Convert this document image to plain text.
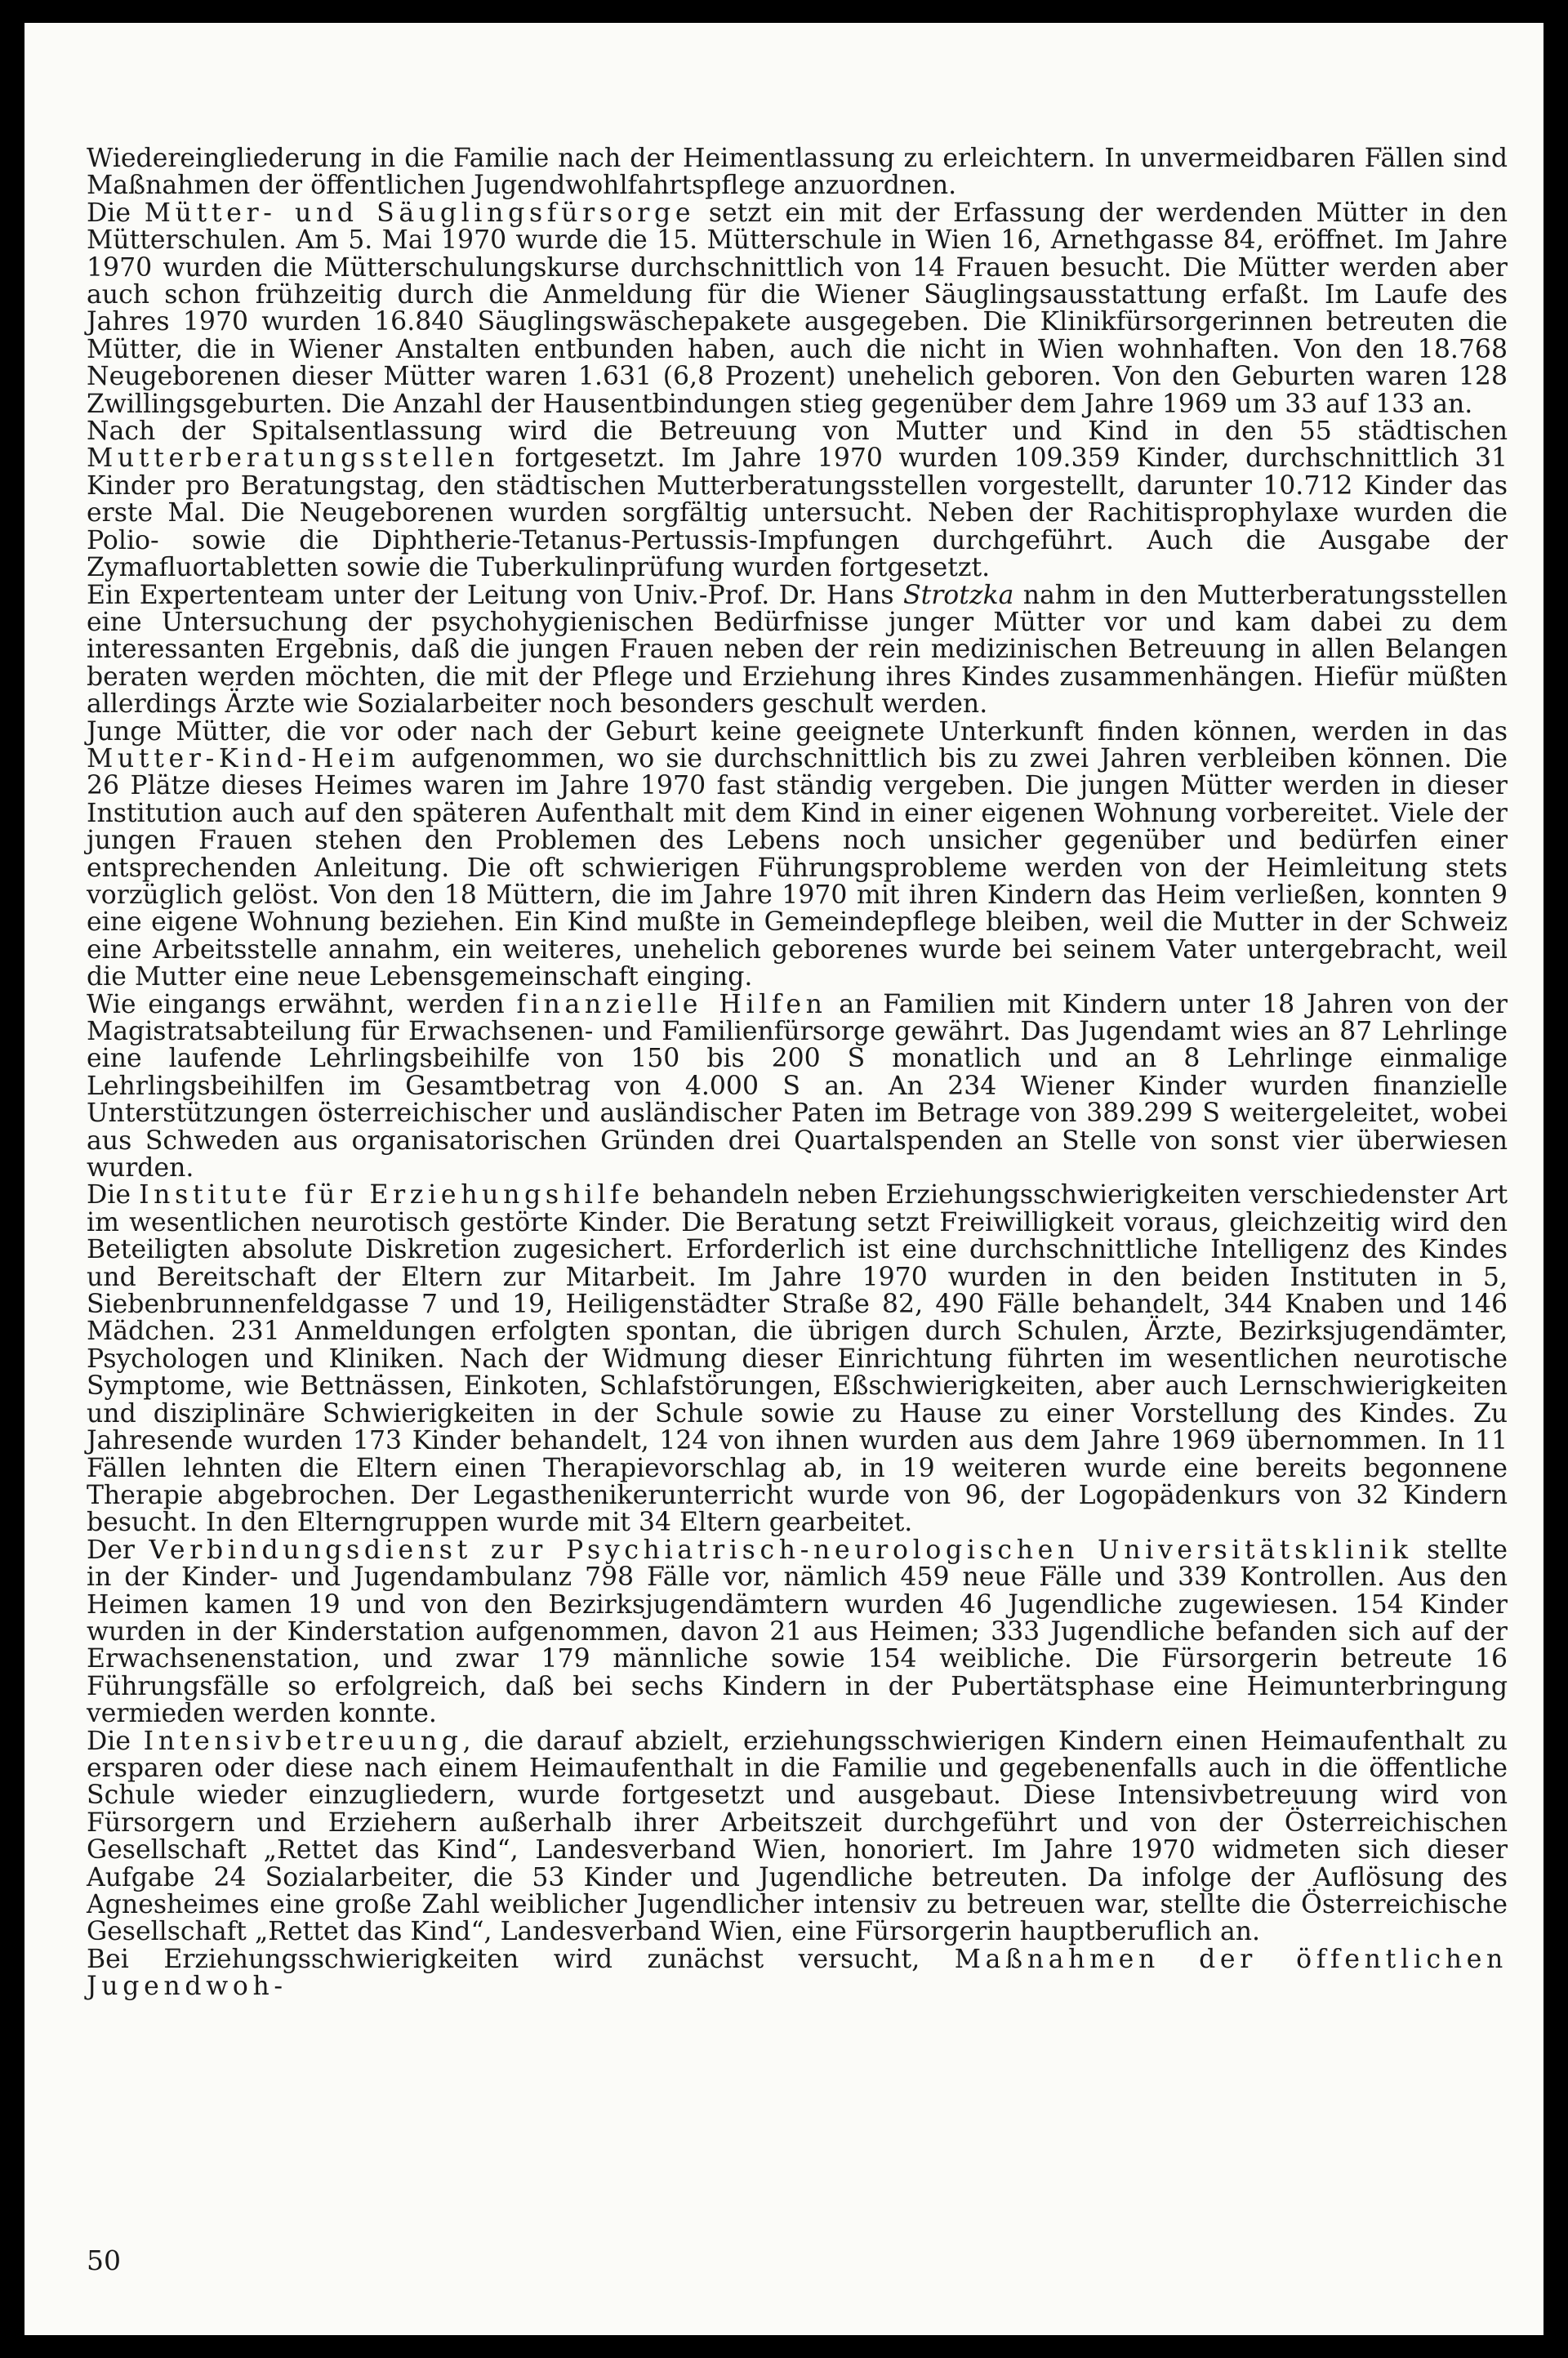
Wiedereingliederung in die Familie nach der Heimentlassung zu erleichtern. In unvermeidbaren Fällen sind Maßnahmen der öffentlichen Jugendwohlfahrtspflege anzuordnen.

Die Mütter- und Säuglingsfürsorge setzt ein mit der Erfassung der werdenden Mütter in den Mütterschulen. Am 5. Mai 1970 wurde die 15. Mütterschule in Wien 16, Arnethgasse 84, eröffnet. Im Jahre 1970 wurden die Mütterschulungskurse durchschnittlich von 14 Frauen besucht. Die Mütter werden aber auch schon frühzeitig durch die Anmeldung für die Wiener Säuglingsausstattung erfaßt. Im Laufe des Jahres 1970 wurden 16.840 Säuglingswäschepakete ausgegeben. Die Klinikfürsorgerinnen betreuten die Mütter, die in Wiener Anstalten entbunden haben, auch die nicht in Wien wohnhaften. Von den 18.768 Neugeborenen dieser Mütter waren 1.631 (6,8 Prozent) unehelich geboren. Von den Geburten waren 128 Zwillingsgeburten. Die Anzahl der Hausentbindungen stieg gegenüber dem Jahre 1969 um 33 auf 133 an.

Nach der Spitalsentlassung wird die Betreuung von Mutter und Kind in den 55 städtischen Mutterberatungsstellen fortgesetzt. Im Jahre 1970 wurden 109.359 Kinder, durchschnittlich 31 Kinder pro Beratungstag, den städtischen Mutterberatungsstellen vorgestellt, darunter 10.712 Kinder das erste Mal. Die Neugeborenen wurden sorgfältig untersucht. Neben der Rachitisprophylaxe wurden die Polio- sowie die Diphtherie-Tetanus-Pertussis-Impfungen durchgeführt. Auch die Ausgabe der Zymafluortabletten sowie die Tuberkulinprüfung wurden fortgesetzt.

Ein Expertenteam unter der Leitung von Univ.-Prof. Dr. Hans Strotzka nahm in den Mutterberatungsstellen eine Untersuchung der psychohygienischen Bedürfnisse junger Mütter vor und kam dabei zu dem interessanten Ergebnis, daß die jungen Frauen neben der rein medizinischen Betreuung in allen Belangen beraten werden möchten, die mit der Pflege und Erziehung ihres Kindes zusammenhängen. Hiefür müßten allerdings Ärzte wie Sozialarbeiter noch besonders geschult werden.

Junge Mütter, die vor oder nach der Geburt keine geeignete Unterkunft finden können, werden in das Mutter-Kind-Heim aufgenommen, wo sie durchschnittlich bis zu zwei Jahren verbleiben können. Die 26 Plätze dieses Heimes waren im Jahre 1970 fast ständig vergeben. Die jungen Mütter werden in dieser Institution auch auf den späteren Aufenthalt mit dem Kind in einer eigenen Wohnung vorbereitet. Viele der jungen Frauen stehen den Problemen des Lebens noch unsicher gegenüber und bedürfen einer entsprechenden Anleitung. Die oft schwierigen Führungsprobleme werden von der Heimleitung stets vorzüglich gelöst. Von den 18 Müttern, die im Jahre 1970 mit ihren Kindern das Heim verließen, konnten 9 eine eigene Wohnung beziehen. Ein Kind mußte in Gemeindepflege bleiben, weil die Mutter in der Schweiz eine Arbeitsstelle annahm, ein weiteres, unehelich geborenes wurde bei seinem Vater untergebracht, weil die Mutter eine neue Lebensgemeinschaft einging.

Wie eingangs erwähnt, werden finanzielle Hilfen an Familien mit Kindern unter 18 Jahren von der Magistratsabteilung für Erwachsenen- und Familienfürsorge gewährt. Das Jugendamt wies an 87 Lehrlinge eine laufende Lehrlingsbeihilfe von 150 bis 200 S monatlich und an 8 Lehrlinge einmalige Lehrlingsbeihilfen im Gesamtbetrag von 4.000 S an. An 234 Wiener Kinder wurden finanzielle Unterstützungen österreichischer und ausländischer Paten im Betrage von 389.299 S weitergeleitet, wobei aus Schweden aus organisatorischen Gründen drei Quartalspenden an Stelle von sonst vier überwiesen wurden.

Die Institute für Erziehungshilfe behandeln neben Erziehungsschwierigkeiten verschiedenster Art im wesentlichen neurotisch gestörte Kinder. Die Beratung setzt Freiwilligkeit voraus, gleichzeitig wird den Beteiligten absolute Diskretion zugesichert. Erforderlich ist eine durchschnittliche Intelligenz des Kindes und Bereitschaft der Eltern zur Mitarbeit. Im Jahre 1970 wurden in den beiden Instituten in 5, Siebenbrunnenfeldgasse 7 und 19, Heiligenstädter Straße 82, 490 Fälle behandelt, 344 Knaben und 146 Mädchen. 231 Anmeldungen erfolgten spontan, die übrigen durch Schulen, Ärzte, Bezirksjugendämter, Psychologen und Kliniken. Nach der Widmung dieser Einrichtung führten im wesentlichen neurotische Symptome, wie Bettnässen, Einkoten, Schlafstörungen, Eßschwierigkeiten, aber auch Lernschwierigkeiten und disziplinäre Schwierigkeiten in der Schule sowie zu Hause zu einer Vorstellung des Kindes. Zu Jahresende wurden 173 Kinder behandelt, 124 von ihnen wurden aus dem Jahre 1969 übernommen. In 11 Fällen lehnten die Eltern einen Therapievorschlag ab, in 19 weiteren wurde eine bereits begonnene Therapie abgebrochen. Der Legasthenikerunterricht wurde von 96, der Logopädenkurs von 32 Kindern besucht. In den Elterngruppen wurde mit 34 Eltern gearbeitet.

Der Verbindungsdienst zur Psychiatrisch-neurologischen Universitätsklinik stellte in der Kinder- und Jugendambulanz 798 Fälle vor, nämlich 459 neue Fälle und 339 Kontrollen. Aus den Heimen kamen 19 und von den Bezirksjugendämtern wurden 46 Jugendliche zugewiesen. 154 Kinder wurden in der Kinderstation aufgenommen, davon 21 aus Heimen; 333 Jugendliche befanden sich auf der Erwachsenenstation, und zwar 179 männliche sowie 154 weibliche. Die Fürsorgerin betreute 16 Führungsfälle so erfolgreich, daß bei sechs Kindern in der Pubertätsphase eine Heimunterbringung vermieden werden konnte.

Die Intensivbetreuung, die darauf abzielt, erziehungsschwierigen Kindern einen Heimaufenthalt zu ersparen oder diese nach einem Heimaufenthalt in die Familie und gegebenenfalls auch in die öffentliche Schule wieder einzugliedern, wurde fortgesetzt und ausgebaut. Diese Intensivbetreuung wird von Fürsorgern und Erziehern außerhalb ihrer Arbeitszeit durchgeführt und von der Österreichischen Gesellschaft „Rettet das Kind“, Landesverband Wien, honoriert. Im Jahre 1970 widmeten sich dieser Aufgabe 24 Sozialarbeiter, die 53 Kinder und Jugendliche betreuten. Da infolge der Auflösung des Agnesheimes eine große Zahl weiblicher Jugendlicher intensiv zu betreuen war, stellte die Österreichische Gesellschaft „Rettet das Kind“, Landesverband Wien, eine Fürsorgerin hauptberuflich an.

Bei Erziehungsschwierigkeiten wird zunächst versucht, Maßnahmen der öffentlichen Jugendwoh-

50
